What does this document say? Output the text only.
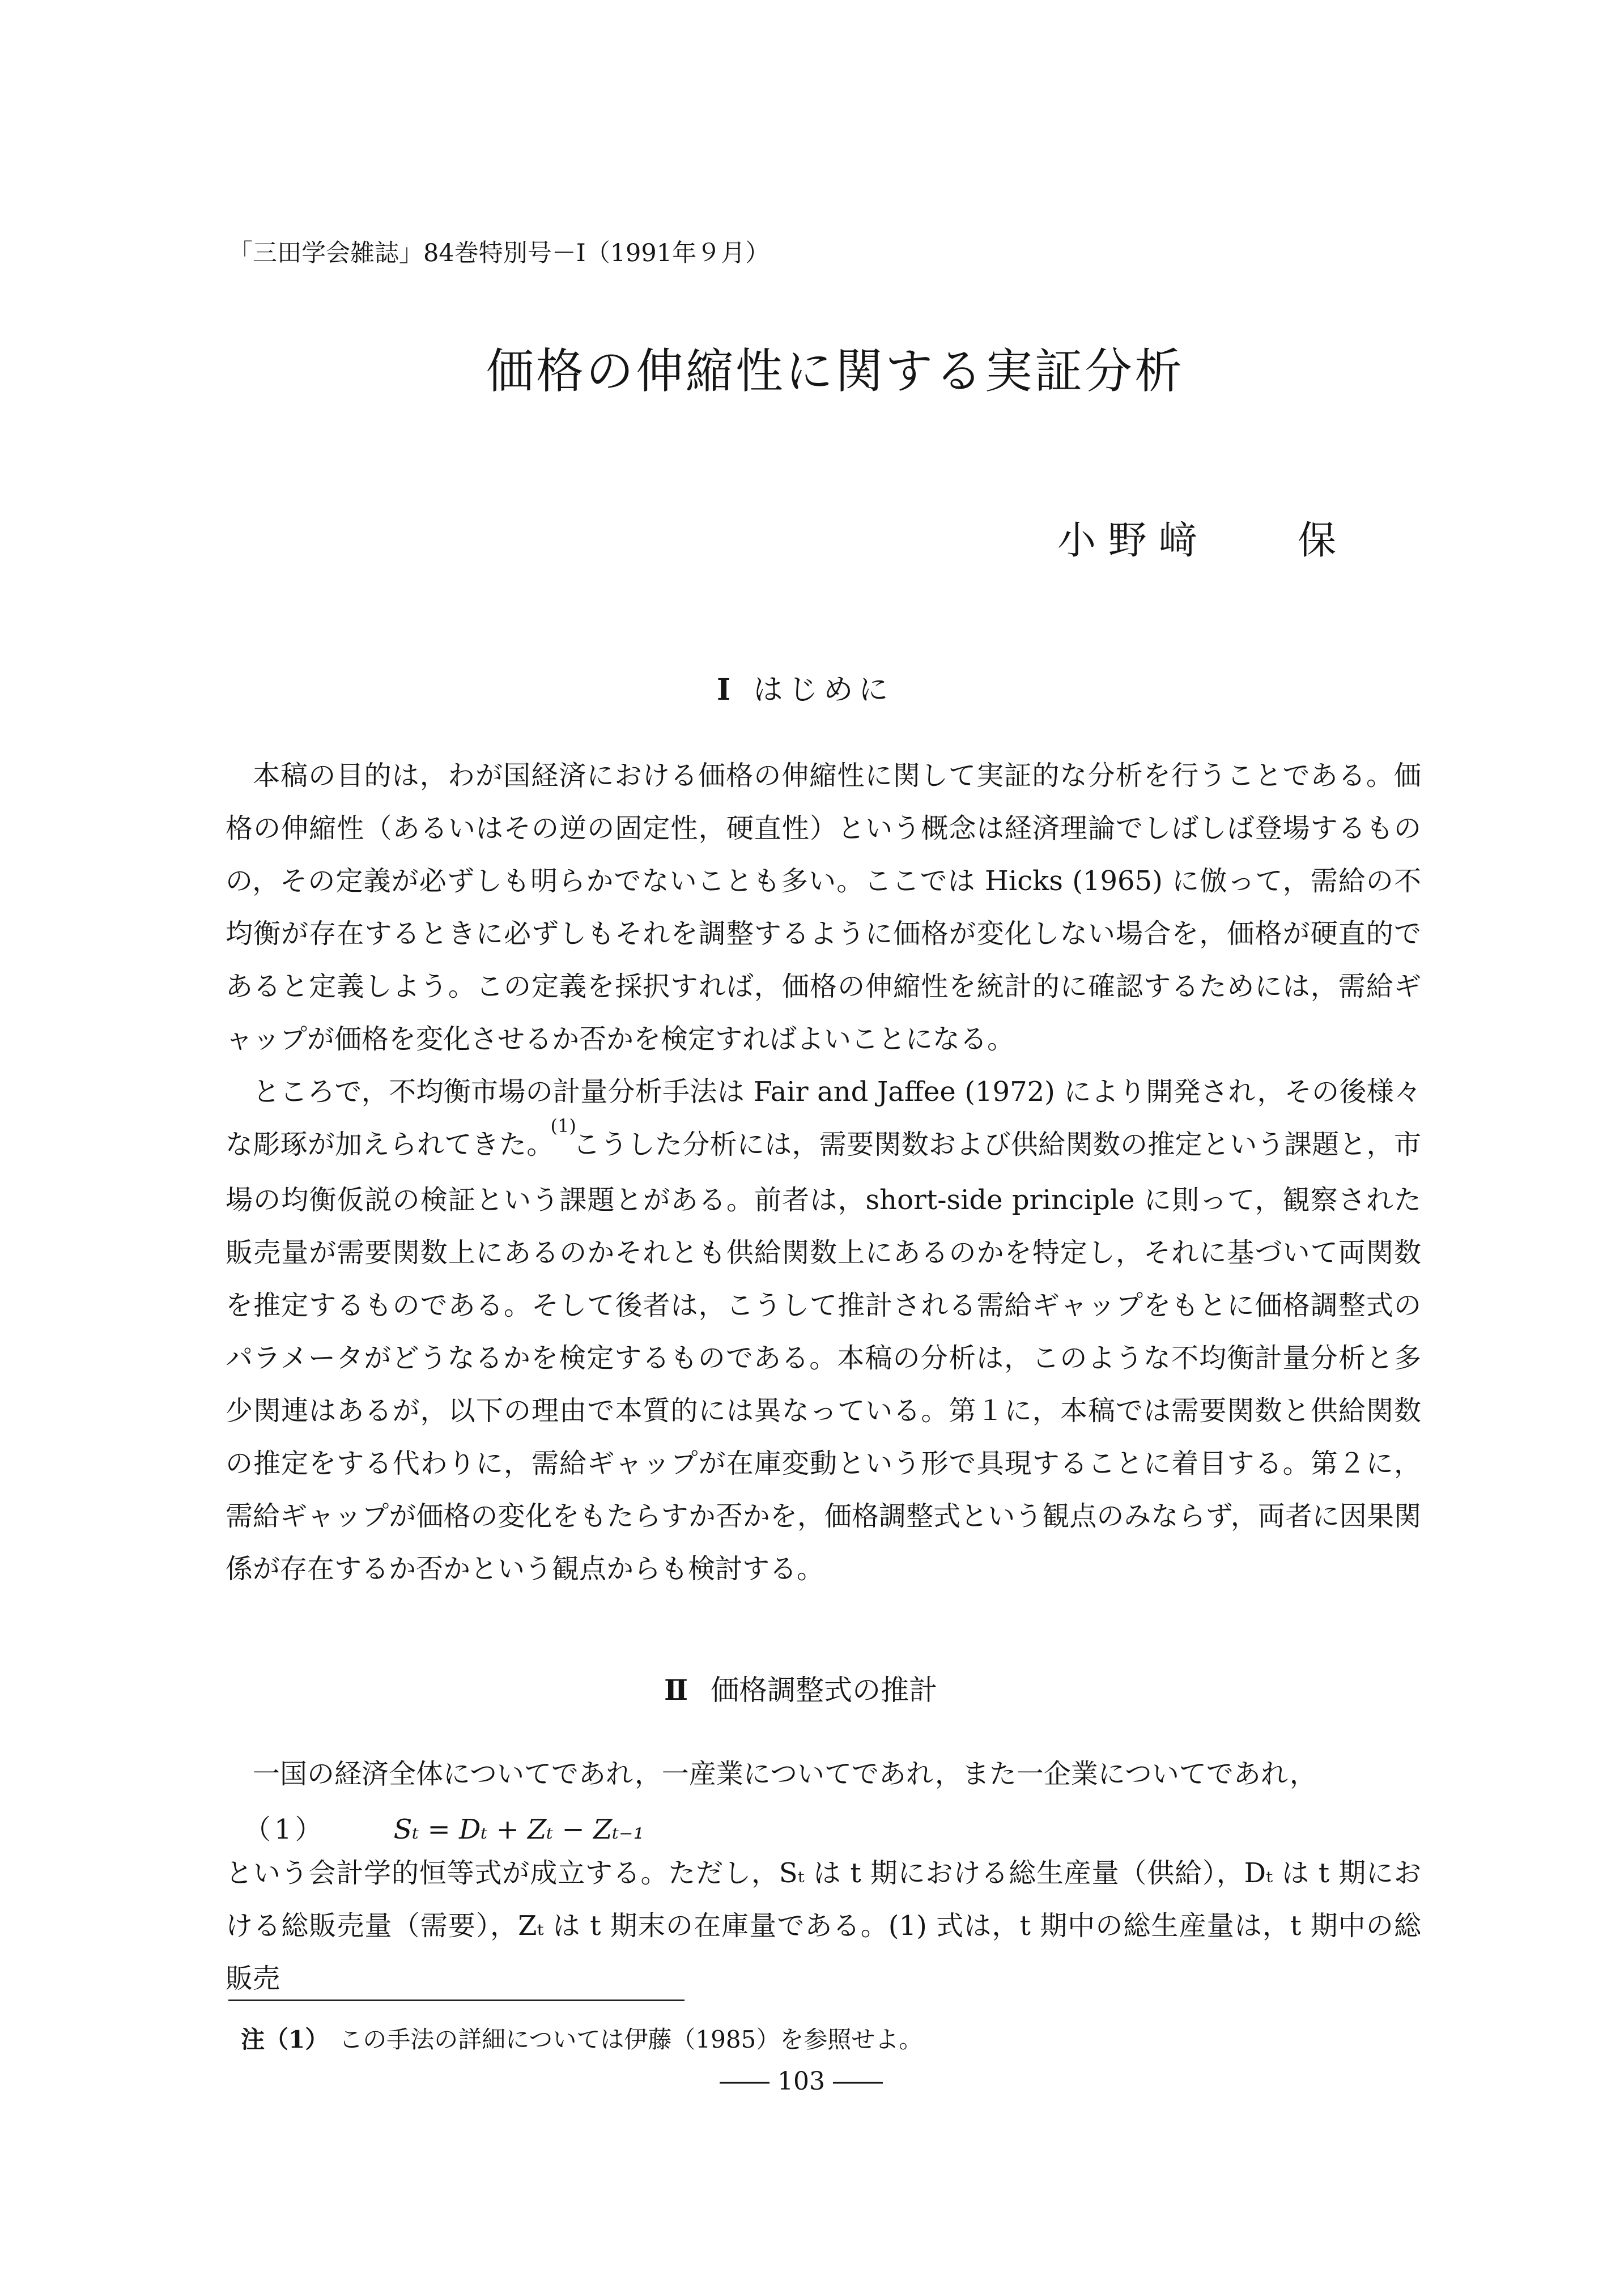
「三田学会雑誌」84巻特別号－Ⅰ（1991年９月）
価格の伸縮性に関する実証分析
小 野 﨑	保
Ⅰ はじめに

本稿の目的は，わが国経済における価格の伸縮性に関して実証的な分析を行うことである。価格の伸縮性（あるいはその逆の固定性，硬直性）という概念は経済理論でしばしば登場するものの，その定義が必ずしも明らかでないことも多い。ここでは Hicks (1965) に倣って，需給の不均衡が存在するときに必ずしもそれを調整するように価格が変化しない場合を，価格が硬直的であると定義しよう。この定義を採択すれば，価格の伸縮性を統計的に確認するためには，需給ギャップが価格を変化させるか否かを検定すればよいことになる。

ところで，不均衡市場の計量分析手法は Fair and Jaffee (1972) により開発され，その後様々な彫琢が加えられてきた。$^{(1)}$こうした分析には，需要関数および供給関数の推定という課題と，市場の均衡仮説の検証という課題とがある。前者は，short-side principle に則って，観察された販売量が需要関数上にあるのかそれとも供給関数上にあるのかを特定し，それに基づいて両関数を推定するものである。そして後者は，こうして推計される需給ギャップをもとに価格調整式のパラメータがどうなるかを検定するものである。本稿の分析は，このような不均衡計量分析と多少関連はあるが，以下の理由で本質的には異なっている。第１に，本稿では需要関数と供給関数の推定をする代わりに，需給ギャップが在庫変動という形で具現することに着目する。第２に，需給ギャップが価格の変化をもたらすか否かを，価格調整式という観点のみならず，両者に因果関係が存在するか否かという観点からも検討する。

Ⅱ 価格調整式の推計

一国の経済全体についてであれ，一産業についてであれ，また一企業についてであれ，

（1）	Sₜ = Dₜ + Zₜ − Zₜ₋₁

という会計学的恒等式が成立する。ただし，Sₜ は t 期における総生産量（供給），Dₜ は t 期における総販売量（需要），Zₜ は t 期末の在庫量である。(1) 式は，t 期中の総生産量は，t 期中の総販売

注（1） この手法の詳細については伊藤（1985）を参照せよ。
―― 103 ――
